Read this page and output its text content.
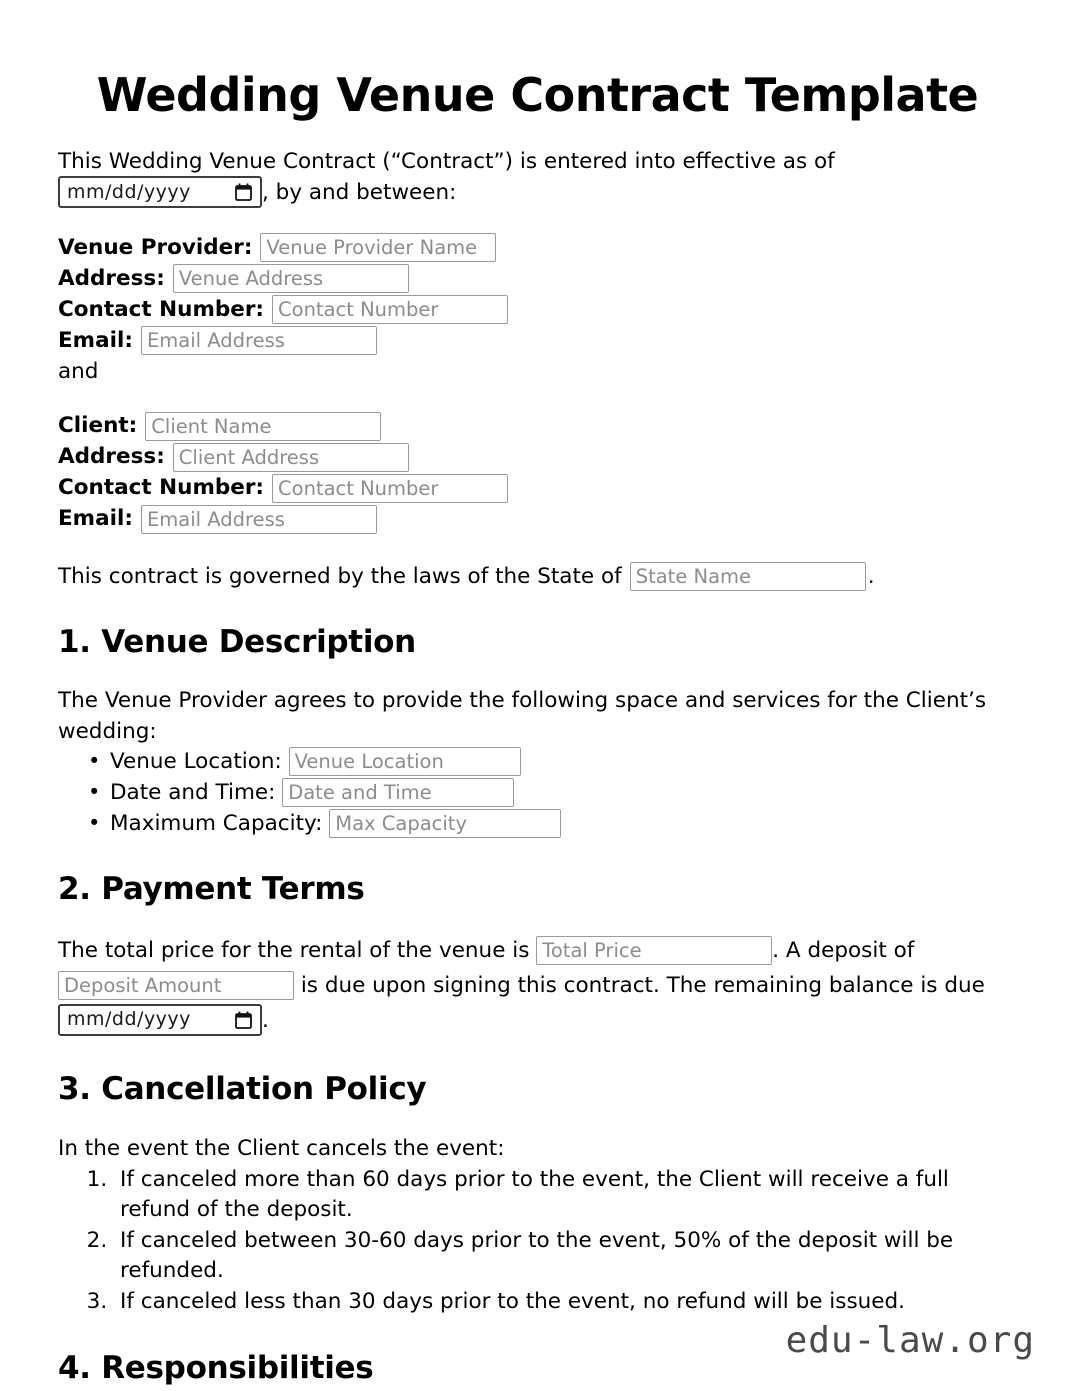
Wedding Venue Contract Template

This Wedding Venue Contract (“Contract”) is entered into effective as of

mm/dd/yyyy	, by and between:

Venue Provider:
Venue Provider Name
Address:
Venue Address
Contact Number:
Contact Number
Email:
Email Address

and

Client:
Client Name
Address:
Client Address
Contact Number:
Contact Number
Email:
Email Address
This contract is governed by the laws of the State of
State Name	.
1. Venue Description

The Venue Provider agrees to provide the following space and services for the Client’s wedding:

• Venue Location:
Venue Location
• Date and Time:
Date and Time
• Maximum Capacity:
Max Capacity
2. Payment Terms

The total price for the rental of the venue is Total Price	. A deposit of Deposit Amount is due upon signing this contract. The remaining balance is due
mm/dd/yyyy	.

3. Cancellation Policy

In the event the Client cancels the event:

1. If canceled more than 60 days prior to the event, the Client will receive a full refund of the deposit.
2. If canceled between 30-60 days prior to the event, 50% of the deposit will be refunded.
3. If canceled less than 30 days prior to the event, no refund will be issued.
4. Responsibilities
edu-law.org
